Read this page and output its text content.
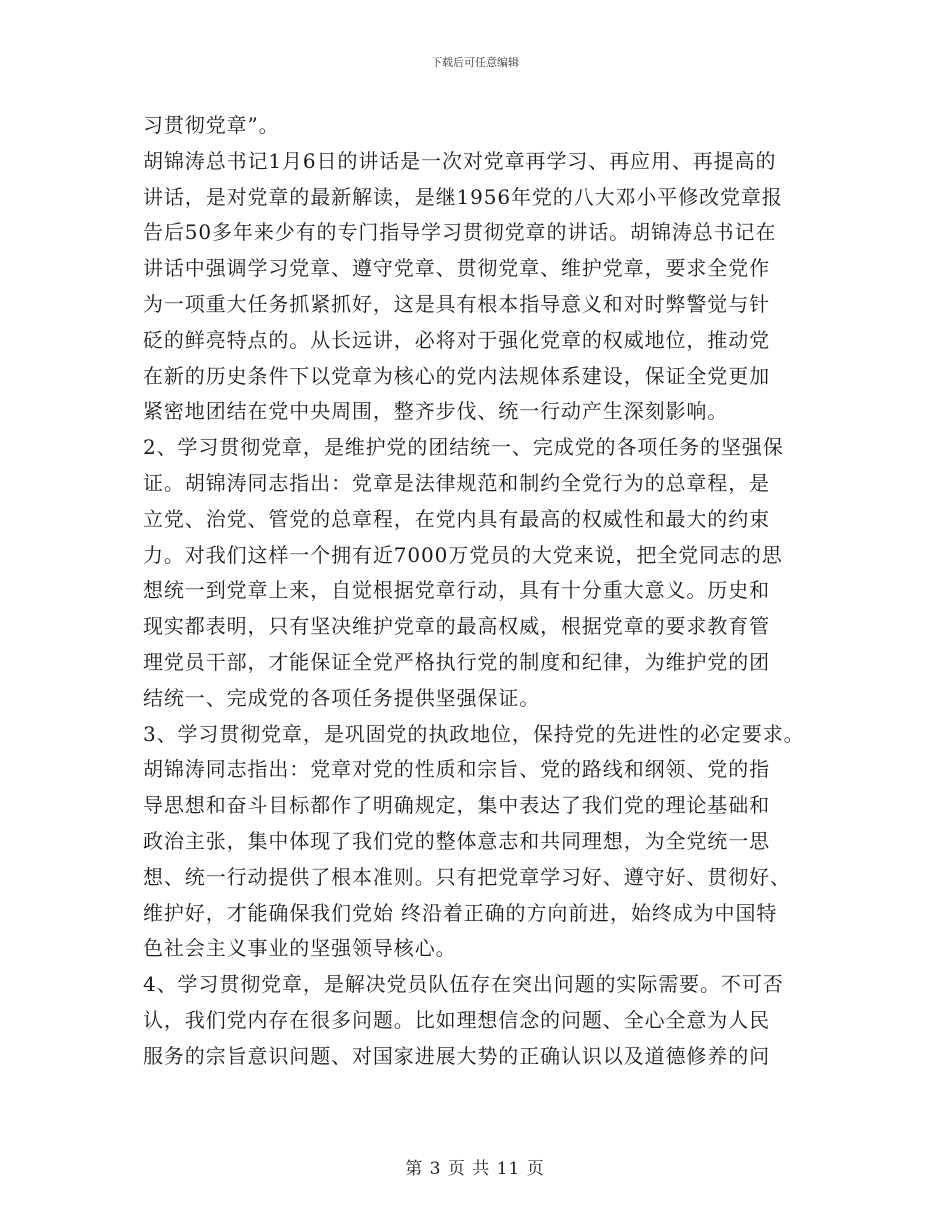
下载后可任意编辑
习贯彻党章”。
胡锦涛总书记1月6日的讲话是一次对党章再学习、再应用、再提高的
讲话，是对党章的最新解读，是继1956年党的八大邓小平修改党章报
告后50多年来少有的专门指导学习贯彻党章的讲话。胡锦涛总书记在
讲话中强调学习党章、遵守党章、贯彻党章、维护党章，要求全党作
为一项重大任务抓紧抓好，这是具有根本指导意义和对时弊警觉与针
砭的鲜亮特点的。从长远讲，必将对于强化党章的权威地位，推动党
在新的历史条件下以党章为核心的党内法规体系建设，保证全党更加
紧密地团结在党中央周围，整齐步伐、统一行动产生深刻影响。
2、学习贯彻党章，是维护党的团结统一、完成党的各项任务的坚强保
证。胡锦涛同志指出：党章是法律规范和制约全党行为的总章程，是
立党、治党、管党的总章程，在党内具有最高的权威性和最大的约束
力。对我们这样一个拥有近7000万党员的大党来说，把全党同志的思
想统一到党章上来，自觉根据党章行动，具有十分重大意义。历史和
现实都表明，只有坚决维护党章的最高权威，根据党章的要求教育管
理党员干部，才能保证全党严格执行党的制度和纪律，为维护党的团
结统一、完成党的各项任务提供坚强保证。
3、学习贯彻党章，是巩固党的执政地位，保持党的先进性的必定要求。
胡锦涛同志指出：党章对党的性质和宗旨、党的路线和纲领、党的指
导思想和奋斗目标都作了明确规定，集中表达了我们党的理论基础和
政治主张，集中体现了我们党的整体意志和共同理想，为全党统一思
想、统一行动提供了根本准则。只有把党章学习好、遵守好、贯彻好、
维护好，才能确保我们党始 终沿着正确的方向前进，始终成为中国特
色社会主义事业的坚强领导核心。
4、学习贯彻党章，是解决党员队伍存在突出问题的实际需要。不可否
认，我们党内存在很多问题。比如理想信念的问题、全心全意为人民
服务的宗旨意识问题、对国家进展大势的正确认识以及道德修养的问
第 3 页 共 11 页
